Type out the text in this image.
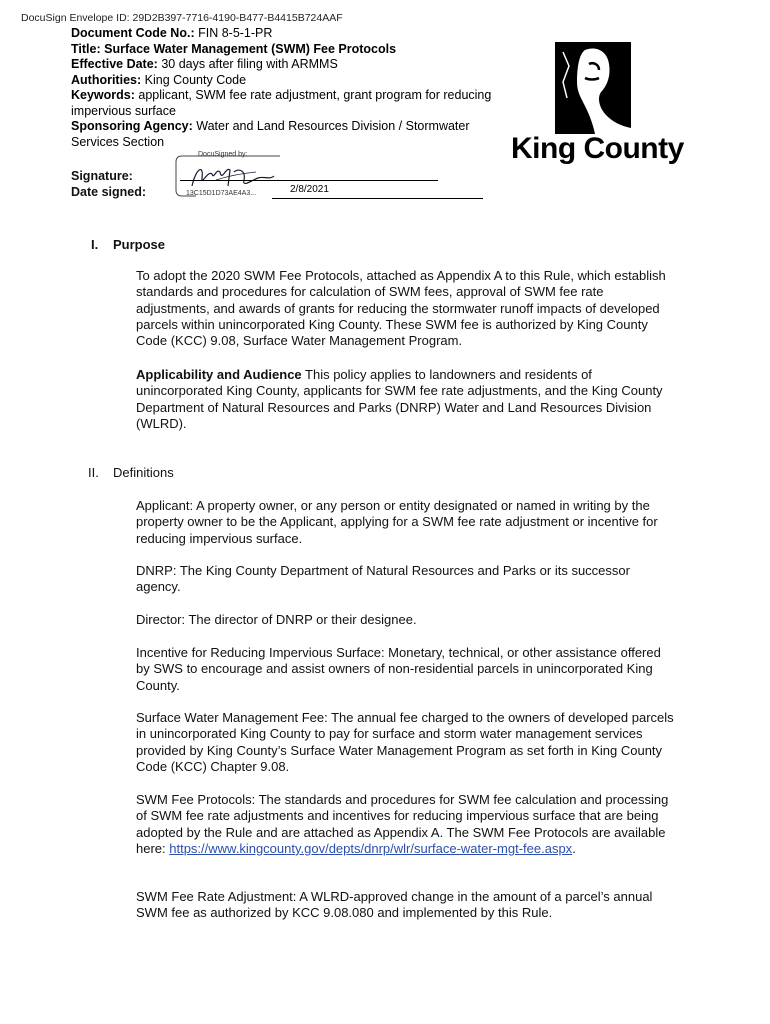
DocuSign Envelope ID: 29D2B397-7716-4190-B477-B4415B724AAF
Document Code No.: FIN 8-5-1-PR
Title: Surface Water Management (SWM) Fee Protocols
Effective Date: 30 days after filing with ARMMS
Authorities: King County Code
Keywords: applicant, SWM fee rate adjustment, grant program for reducing
impervious surface
Sponsoring Agency: Water and Land Resources Division / Stormwater
Services Section
Signature:
Date signed:
DocuSigned by:
13C15D1D73AE4A3...	2/8/2021
King County
I. Purpose
To adopt the 2020 SWM Fee Protocols, attached as Appendix A to this Rule, which establish standards and procedures for calculation of SWM fees, approval of SWM fee rate adjustments, and awards of grants for reducing the stormwater runoff impacts of developed parcels within unincorporated King County. These SWM fee is authorized by King County Code (KCC) 9.08, Surface Water Management Program.
Applicability and Audience This policy applies to landowners and residents of unincorporated King County, applicants for SWM fee rate adjustments, and the King County Department of Natural Resources and Parks (DNRP) Water and Land Resources Division (WLRD).
II. Definitions
Applicant: A property owner, or any person or entity designated or named in writing by the property owner to be the Applicant, applying for a SWM fee rate adjustment or incentive for reducing impervious surface.
DNRP: The King County Department of Natural Resources and Parks or its successor agency.
Director: The director of DNRP or their designee.
Incentive for Reducing Impervious Surface: Monetary, technical, or other assistance offered by SWS to encourage and assist owners of non-residential parcels in unincorporated King County.
Surface Water Management Fee: The annual fee charged to the owners of developed parcels in unincorporated King County to pay for surface and storm water management services provided by King County’s Surface Water Management Program as set forth in King County Code (KCC) Chapter 9.08.
SWM Fee Protocols: The standards and procedures for SWM fee calculation and processing of SWM fee rate adjustments and incentives for reducing impervious surface that are being adopted by the Rule and are attached as Appendix A. The SWM Fee Protocols are available here: https://www.kingcounty.gov/depts/dnrp/wlr/surface-water-mgt-fee.aspx.
SWM Fee Rate Adjustment: A WLRD-approved change in the amount of a parcel’s annual SWM fee as authorized by KCC 9.08.080 and implemented by this Rule.
